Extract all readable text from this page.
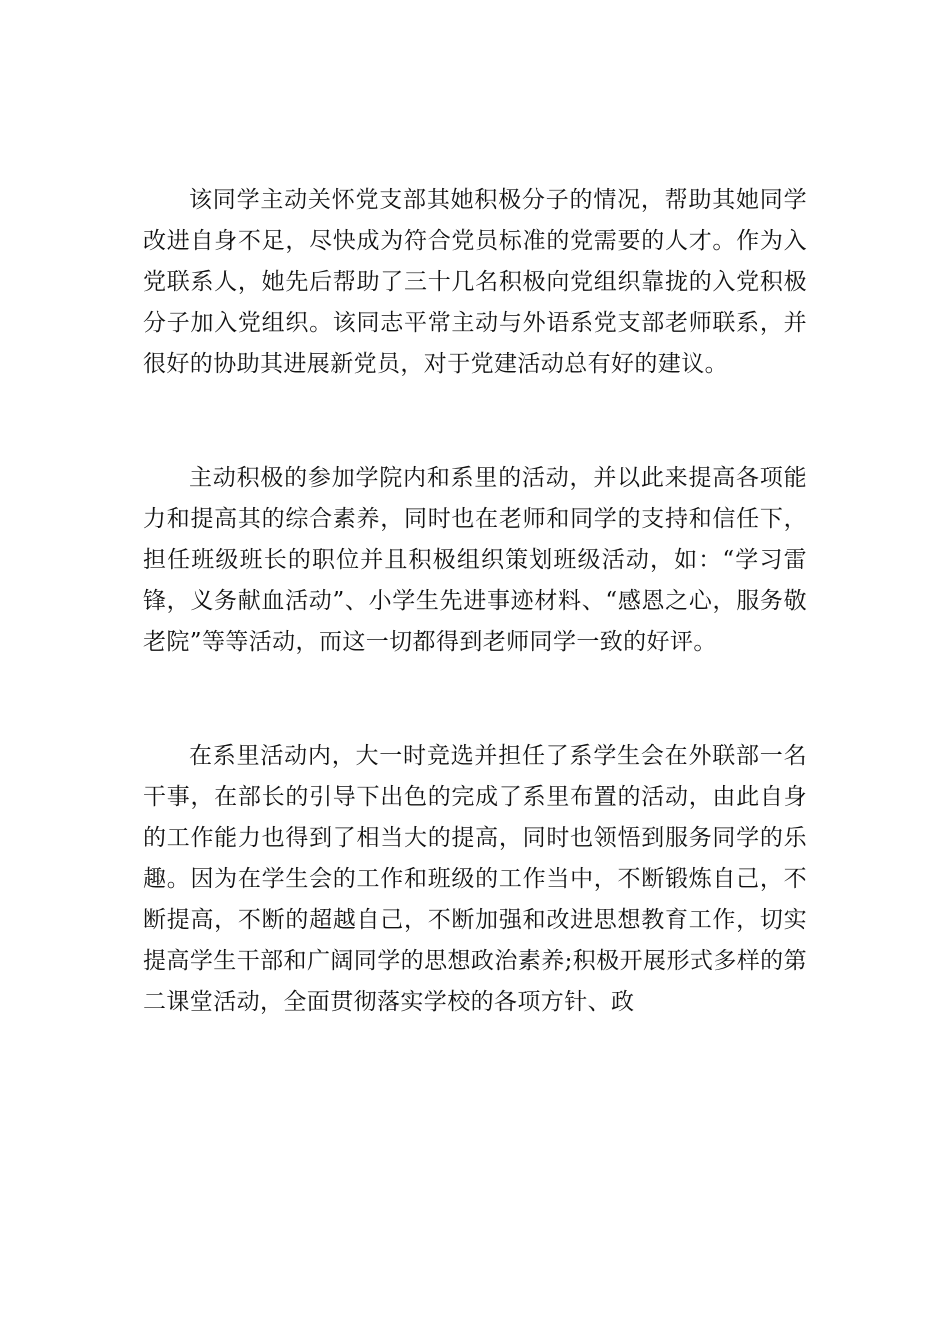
该同学主动关怀党支部其她积极分子的情况，帮助其她同学改进自身不足，尽快成为符合党员标准的党需要的人才。作为入党联系人，她先后帮助了三十几名积极向党组织靠拢的入党积极分子加入党组织。该同志平常主动与外语系党支部老师联系，并很好的协助其进展新党员，对于党建活动总有好的建议。

主动积极的参加学院内和系里的活动，并以此来提高各项能力和提高其的综合素养，同时也在老师和同学的支持和信任下，担任班级班长的职位并且积极组织策划班级活动，如：“学习雷锋，义务献血活动”、小学生先进事迹材料、“感恩之心，服务敬老院”等等活动，而这一切都得到老师同学一致的好评。

在系里活动内，大一时竞选并担任了系学生会在外联部一名干事，在部长的引导下出色的完成了系里布置的活动，由此自身的工作能力也得到了相当大的提高，同时也领悟到服务同学的乐趣。因为在学生会的工作和班级的工作当中，不断锻炼自己，不断提高，不断的超越自己，不断加强和改进思想教育工作，切实提高学生干部和广阔同学的思想政治素养;积极开展形式多样的第二课堂活动，全面贯彻落实学校的各项方针、政
